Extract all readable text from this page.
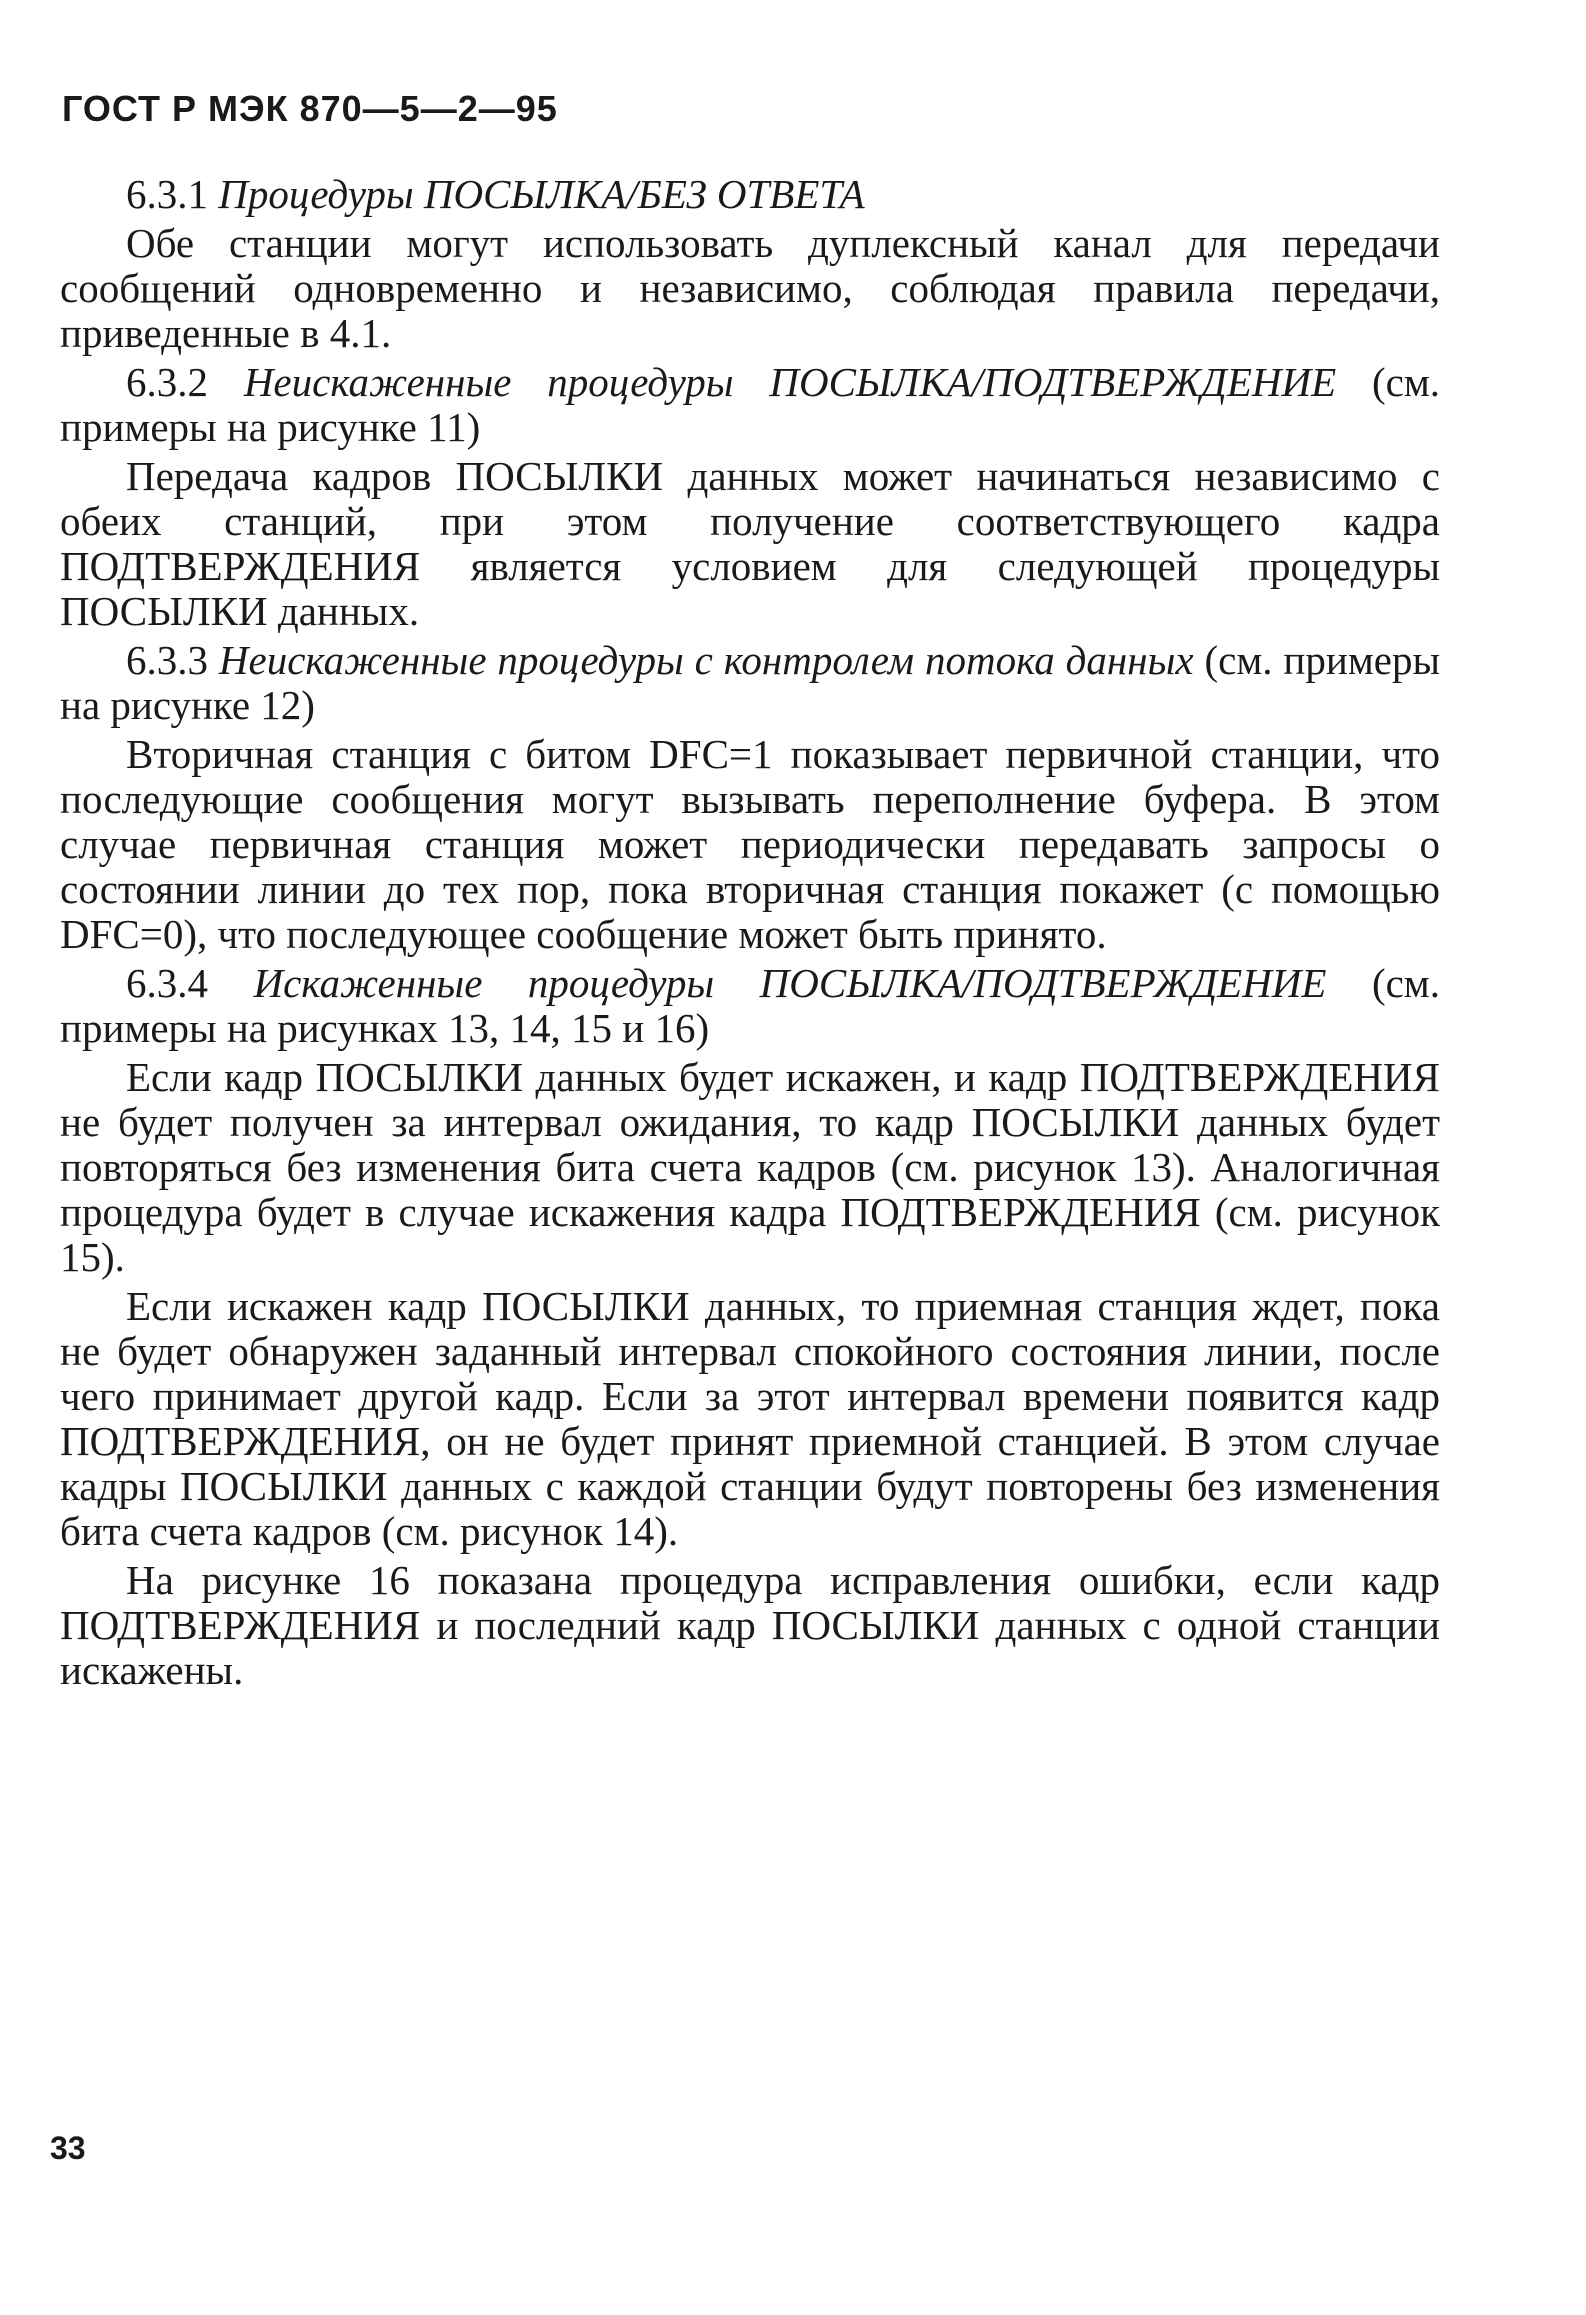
ГОСТ Р МЭК 870—5—2—95

6.3.1 Процедуры ПОСЫЛКА/БЕЗ ОТВЕТА

Обе станции могут использовать дуплексный канал для передачи сообщений одновременно и независимо, соблюдая правила передачи, приведенные в 4.1.

6.3.2 Неискаженные процедуры ПОСЫЛКА/ПОДТВЕРЖДЕНИЕ (см. примеры на рисунке 11)

Передача кадров ПОСЫЛКИ данных может начинаться независимо с обеих станций, при этом получение соответствующего кадра ПОДТВЕРЖДЕНИЯ является условием для следующей процедуры ПОСЫЛКИ данных.

6.3.3 Неискаженные процедуры с контролем потока данных (см. примеры на рисунке 12)

Вторичная станция с битом DFC=1 показывает первичной станции, что последующие сообщения могут вызывать переполнение буфера. В этом случае первичная станция может периодически передавать запросы о состоянии линии до тех пор, пока вторичная станция покажет (с помощью DFC=0), что последующее сообщение может быть принято.

6.3.4 Искаженные процедуры ПОСЫЛКА/ПОДТВЕРЖДЕНИЕ (см. примеры на рисунках 13, 14, 15 и 16)

Если кадр ПОСЫЛКИ данных будет искажен, и кадр ПОДТВЕРЖДЕНИЯ не будет получен за интервал ожидания, то кадр ПОСЫЛКИ данных будет повторяться без изменения бита счета кадров (см. рисунок 13). Аналогичная процедура будет в случае искажения кадра ПОДТВЕРЖДЕНИЯ (см. рисунок 15).

Если искажен кадр ПОСЫЛКИ данных, то приемная станция ждет, пока не будет обнаружен заданный интервал спокойного состояния линии, после чего принимает другой кадр. Если за этот интервал времени появится кадр ПОДТВЕРЖДЕНИЯ, он не будет принят приемной станцией. В этом случае кадры ПОСЫЛКИ данных с каждой станции будут повторены без изменения бита счета кадров (см. рисунок 14).

На рисунке 16 показана процедура исправления ошибки, если кадр ПОДТВЕРЖДЕНИЯ и последний кадр ПОСЫЛКИ данных с одной станции искажены.

33
